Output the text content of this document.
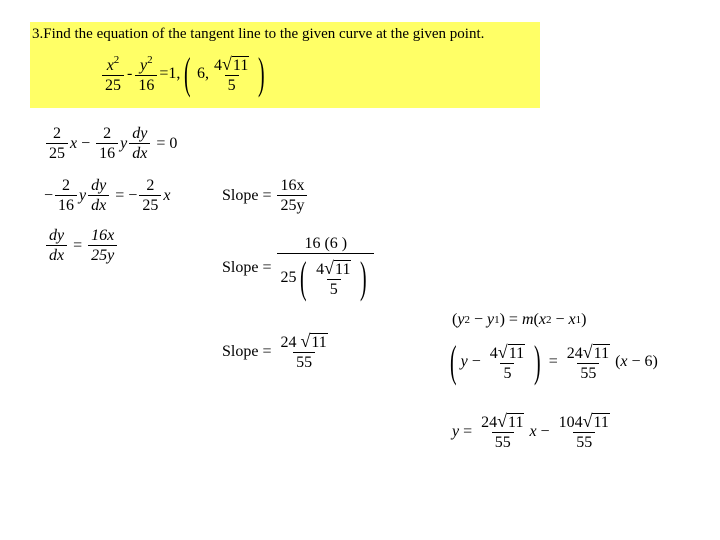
3.Find the equation of the tangent line to the given curve at the given point.
$\frac{x^2}{25} - \frac{y^2}{16} =1$, ( 6, $\frac{4√11}{5}$ )
$\frac{2}{25}$ $x - \frac{2}{16}$ y $\frac{dy}{dx} = 0$
− $\frac{2}{16}$ y $\frac{dy}{dx}$ = − $\frac{2}{25}$ x
$\frac{dy}{dx} = \frac{16x}{25y}$
Slope = $\frac{16x}{25y}$
Slope = $\frac{16 (6 )}{25 ( \frac{4√11}{5} )}$
Slope = $\frac{24 √11}{55}$
( y 2 − y 1 ) = m ( x 2 − x 1 )
( $y - \frac{4√11}{5}$ ) = $\frac{24√11}{55}$ ( x − 6 )
$y = \frac{24√11}{55}$ $x - \frac{104√11}{55}$
